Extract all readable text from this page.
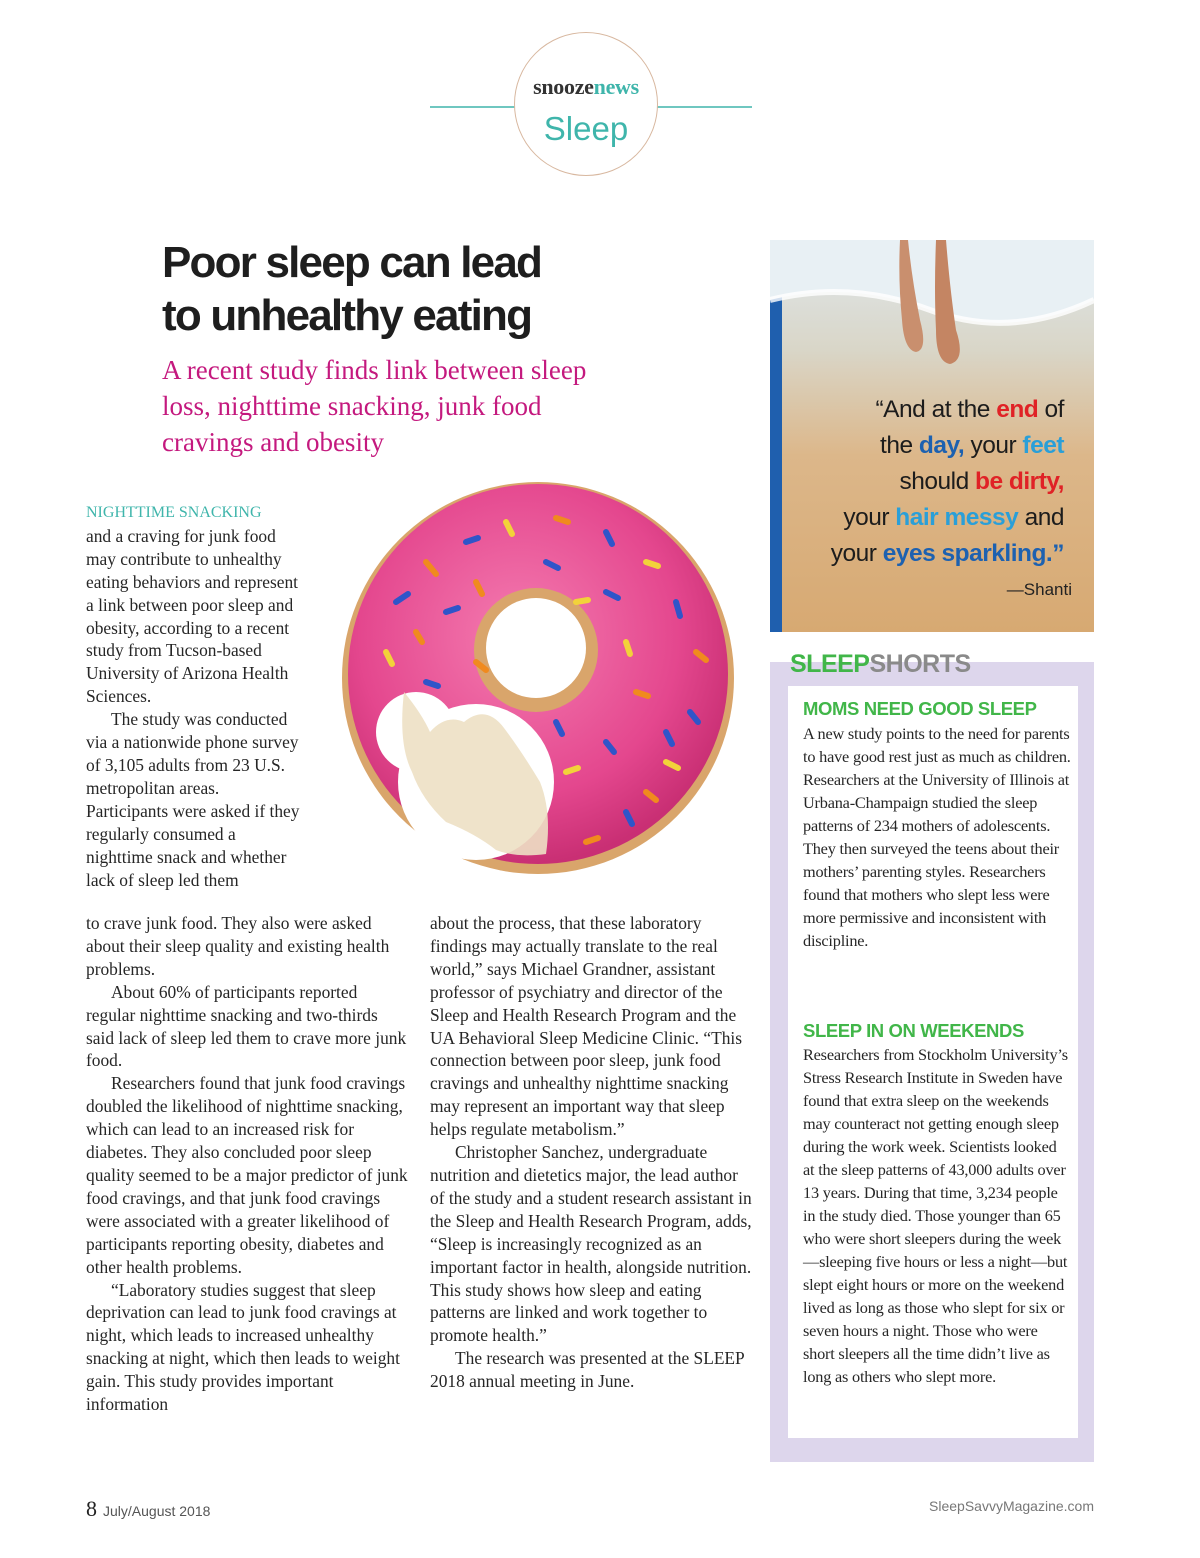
snoozenews
Sleep
Poor sleep can lead
to unhealthy eating
A recent study finds link between sleep loss, nighttime snacking, junk food cravings and obesity

NIGHTTIME SNACKING

and a craving for junk food may contribute to unhealthy eating behaviors and represent a link between poor sleep and obesity, according to a recent study from Tucson-based University of Arizona Health Sciences.

The study was conducted via a nationwide phone survey of 3,105 adults from 23 U.S. metropolitan areas. Participants were asked if they regularly consumed a nighttime snack and whether lack of sleep led them

to crave junk food. They also were asked about their sleep quality and existing health problems.

About 60% of participants reported regular nighttime snacking and two-thirds said lack of sleep led them to crave more junk food.

Researchers found that junk food cravings doubled the likelihood of nighttime snacking, which can lead to an increased risk for diabetes. They also concluded poor sleep quality seemed to be a major predictor of junk food cravings, and that junk food cravings were associated with a greater likelihood of participants reporting obesity, diabetes and other health problems.

“Laboratory studies suggest that sleep deprivation can lead to junk food cravings at night, which leads to increased unhealthy snacking at night, which then leads to weight gain. This study provides important information

about the process, that these laboratory findings may actually translate to the real world,” says Michael Grandner, assistant professor of psychiatry and director of the Sleep and Health Research Program and the UA Behavioral Sleep Medicine Clinic. “This connection between poor sleep, junk food cravings and unhealthy nighttime snacking may represent an important way that sleep helps regulate metabolism.”

Christopher Sanchez, undergraduate nutrition and dietetics major, the lead author of the study and a student research assistant in the Sleep and Health Research Program, adds, “Sleep is increasingly recognized as an important factor in health, alongside nutrition. This study shows how sleep and eating patterns are linked and work together to promote health.”

The research was presented at the SLEEP 2018 annual meeting in June.

“And at the end of
the day, your feet
should be dirty,
your hair messy and
your eyes sparkling.”
—Shanti
SLEEPSHORTS
MOMS NEED GOOD SLEEP
A new study points to the need for parents to have good rest just as much as children. Researchers at the University of Illinois at Urbana-Champaign studied the sleep patterns of 234 mothers of adolescents. They then surveyed the teens about their mothers’ parenting styles. Researchers found that mothers who slept less were more permissive and inconsistent with discipline.
SLEEP IN ON WEEKENDS
Researchers from Stockholm University’s Stress Research Institute in Sweden have found that extra sleep on the weekends may counteract not getting enough sleep during the work week. Scientists looked at the sleep patterns of 43,000 adults over 13 years. During that time, 3,234 people in the study died. Those younger than 65 who were short sleepers during the week—sleeping five hours or less a night—but slept eight hours or more on the weekend lived as long as those who slept for six or seven hours a night. Those who were short sleepers all the time didn’t live as long as others who slept more.
8 July/August 2018	SleepSavvyMagazine.com
